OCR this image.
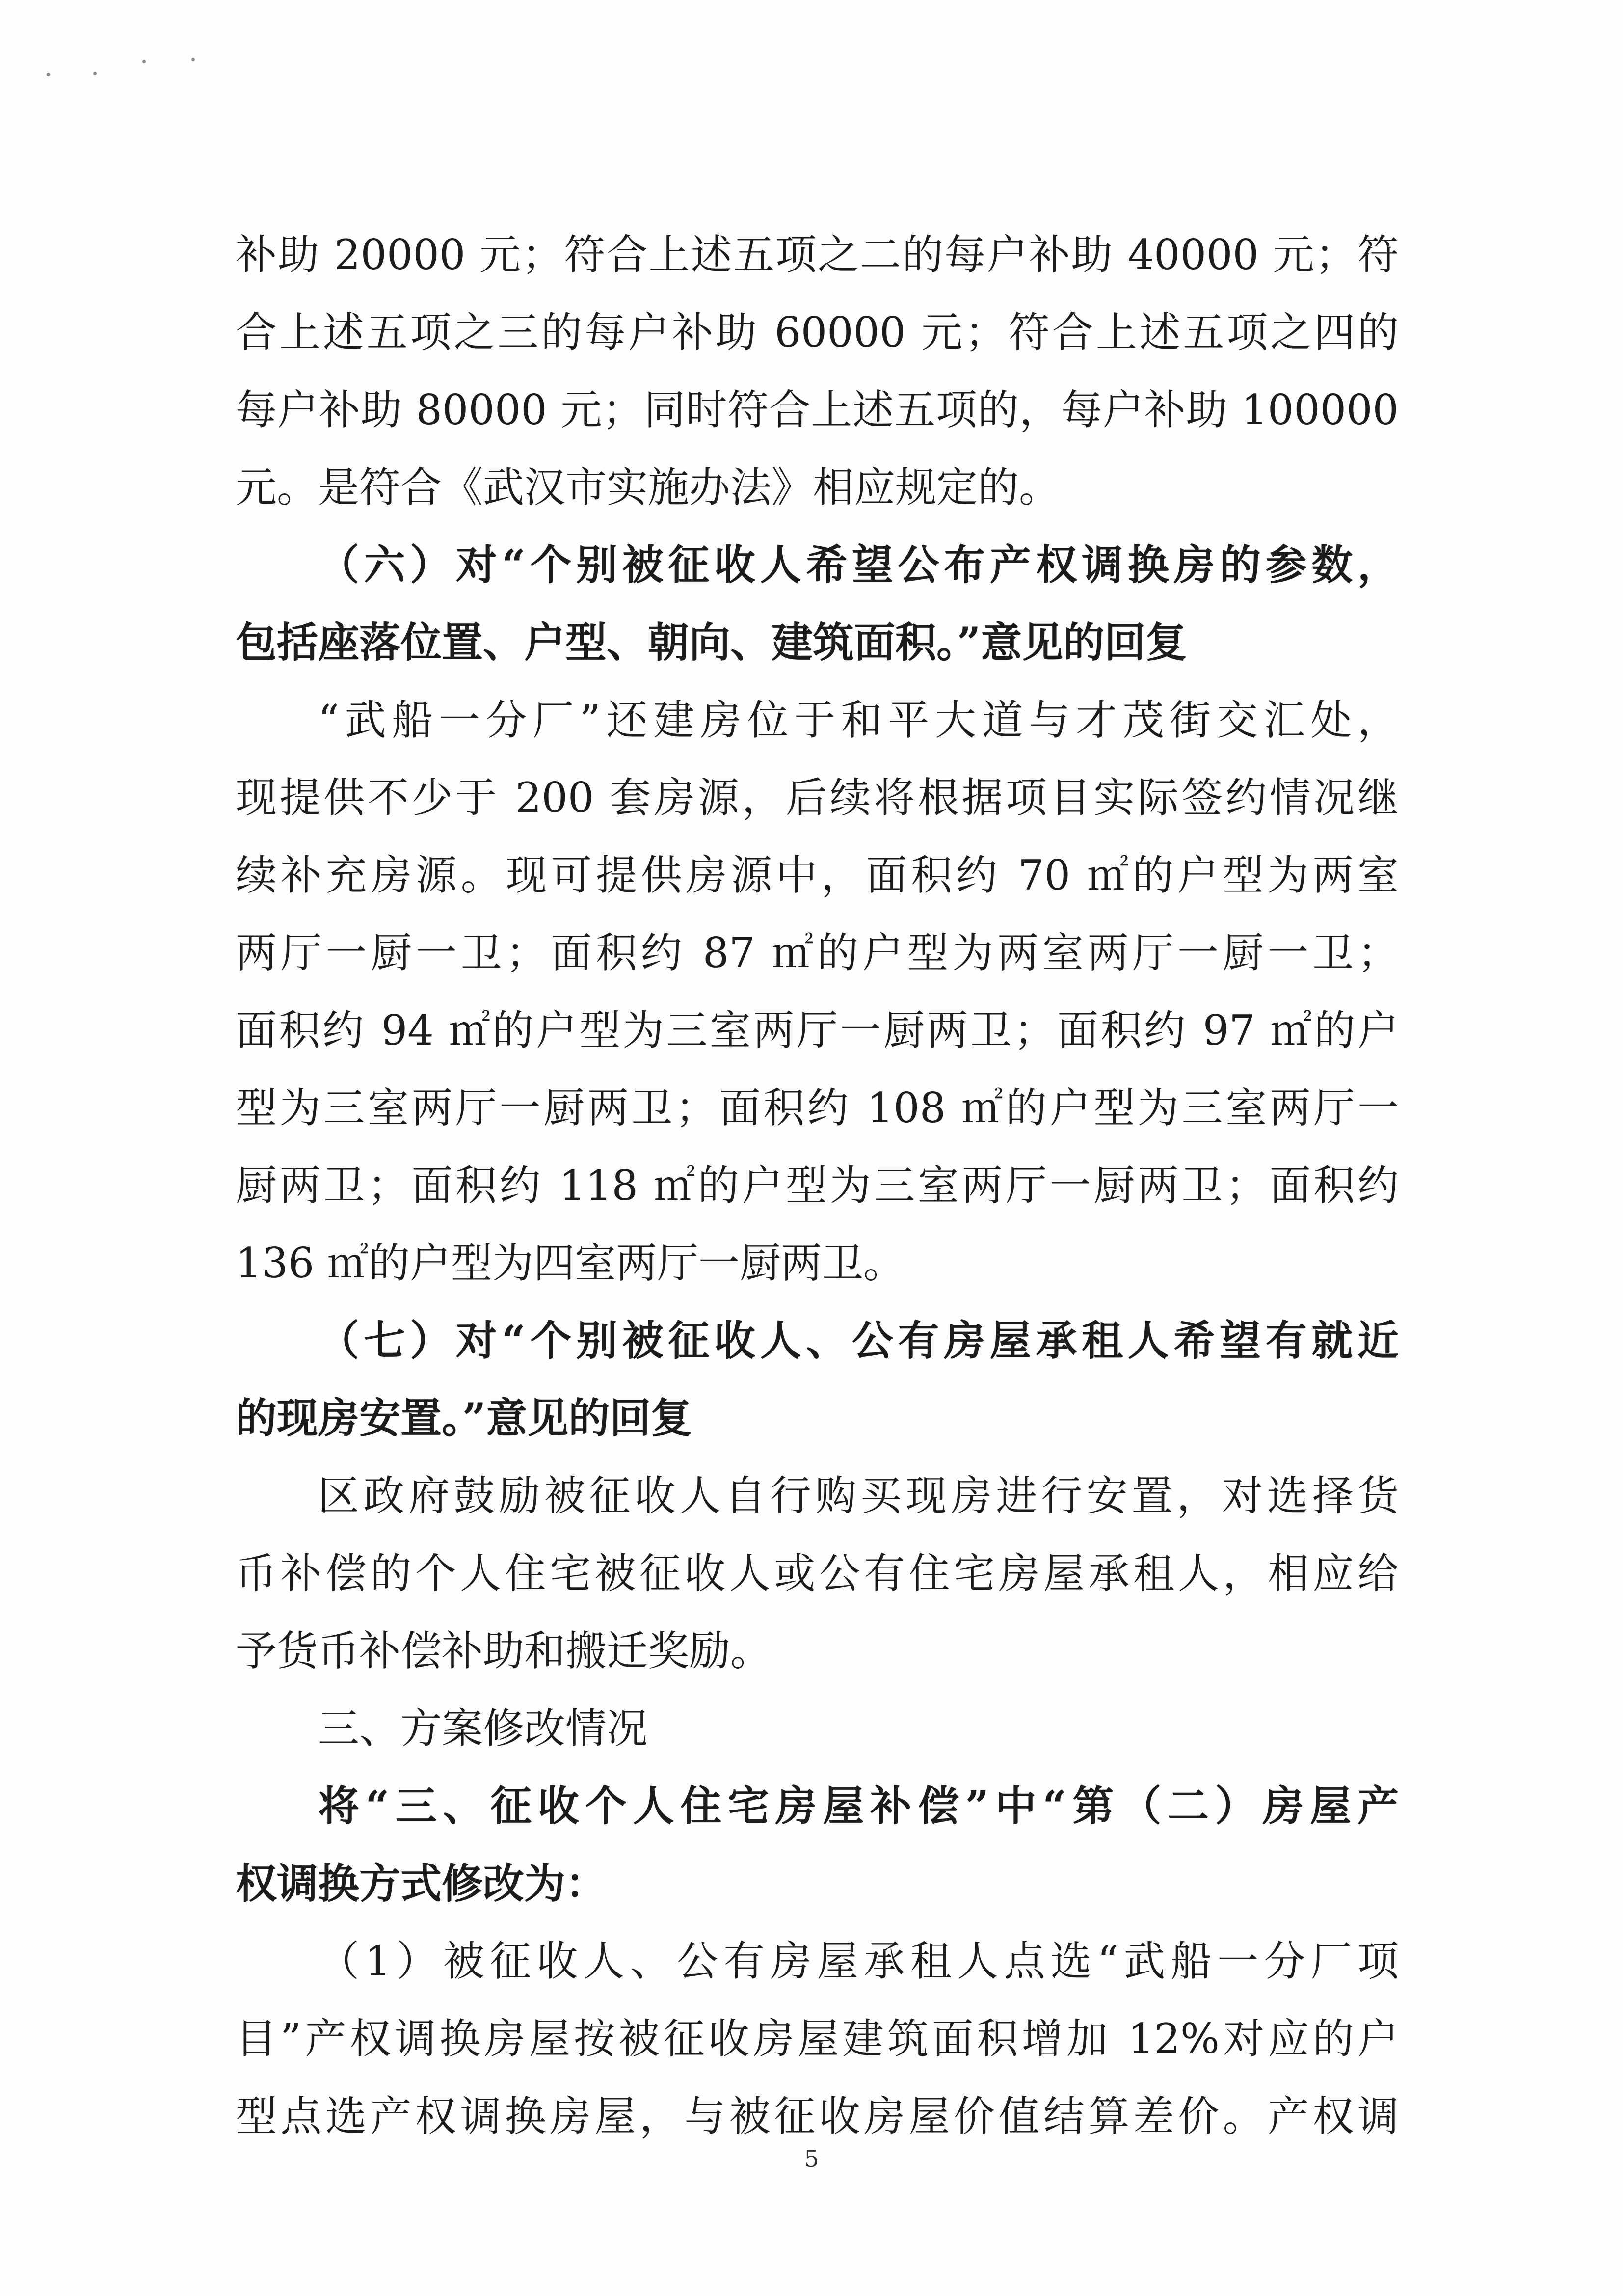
补助 20000 元；符合上述五项之二的每户补助 40000 元；符
合上述五项之三的每户补助 60000 元；符合上述五项之四的
每户补助 80000 元；同时符合上述五项的，每户补助 100000
元。是符合《武汉市实施办法》相应规定的。
（六）对“个别被征收人希望公布产权调换房的参数，
包括座落位置、户型、朝向、建筑面积。”意见的回复
“武船一分厂”还建房位于和平大道与才茂街交汇处，
现提供不少于 200 套房源，后续将根据项目实际签约情况继
续补充房源。现可提供房源中，面积约 70 ㎡的户型为两室
两厅一厨一卫；面积约 87 ㎡的户型为两室两厅一厨一卫；
面积约 94 ㎡的户型为三室两厅一厨两卫；面积约 97 ㎡的户
型为三室两厅一厨两卫；面积约 108 ㎡的户型为三室两厅一
厨两卫；面积约 118 ㎡的户型为三室两厅一厨两卫；面积约
136 ㎡的户型为四室两厅一厨两卫。
（七）对“个别被征收人、公有房屋承租人希望有就近
的现房安置。”意见的回复
区政府鼓励被征收人自行购买现房进行安置，对选择货
币补偿的个人住宅被征收人或公有住宅房屋承租人，相应给
予货币补偿补助和搬迁奖励。
三、方案修改情况
将“三、征收个人住宅房屋补偿”中“第（二）房屋产
权调换方式修改为：
（1）被征收人、公有房屋承租人点选“武船一分厂项
目”产权调换房屋按被征收房屋建筑面积增加 12%对应的户
型点选产权调换房屋，与被征收房屋价值结算差价。产权调
5
